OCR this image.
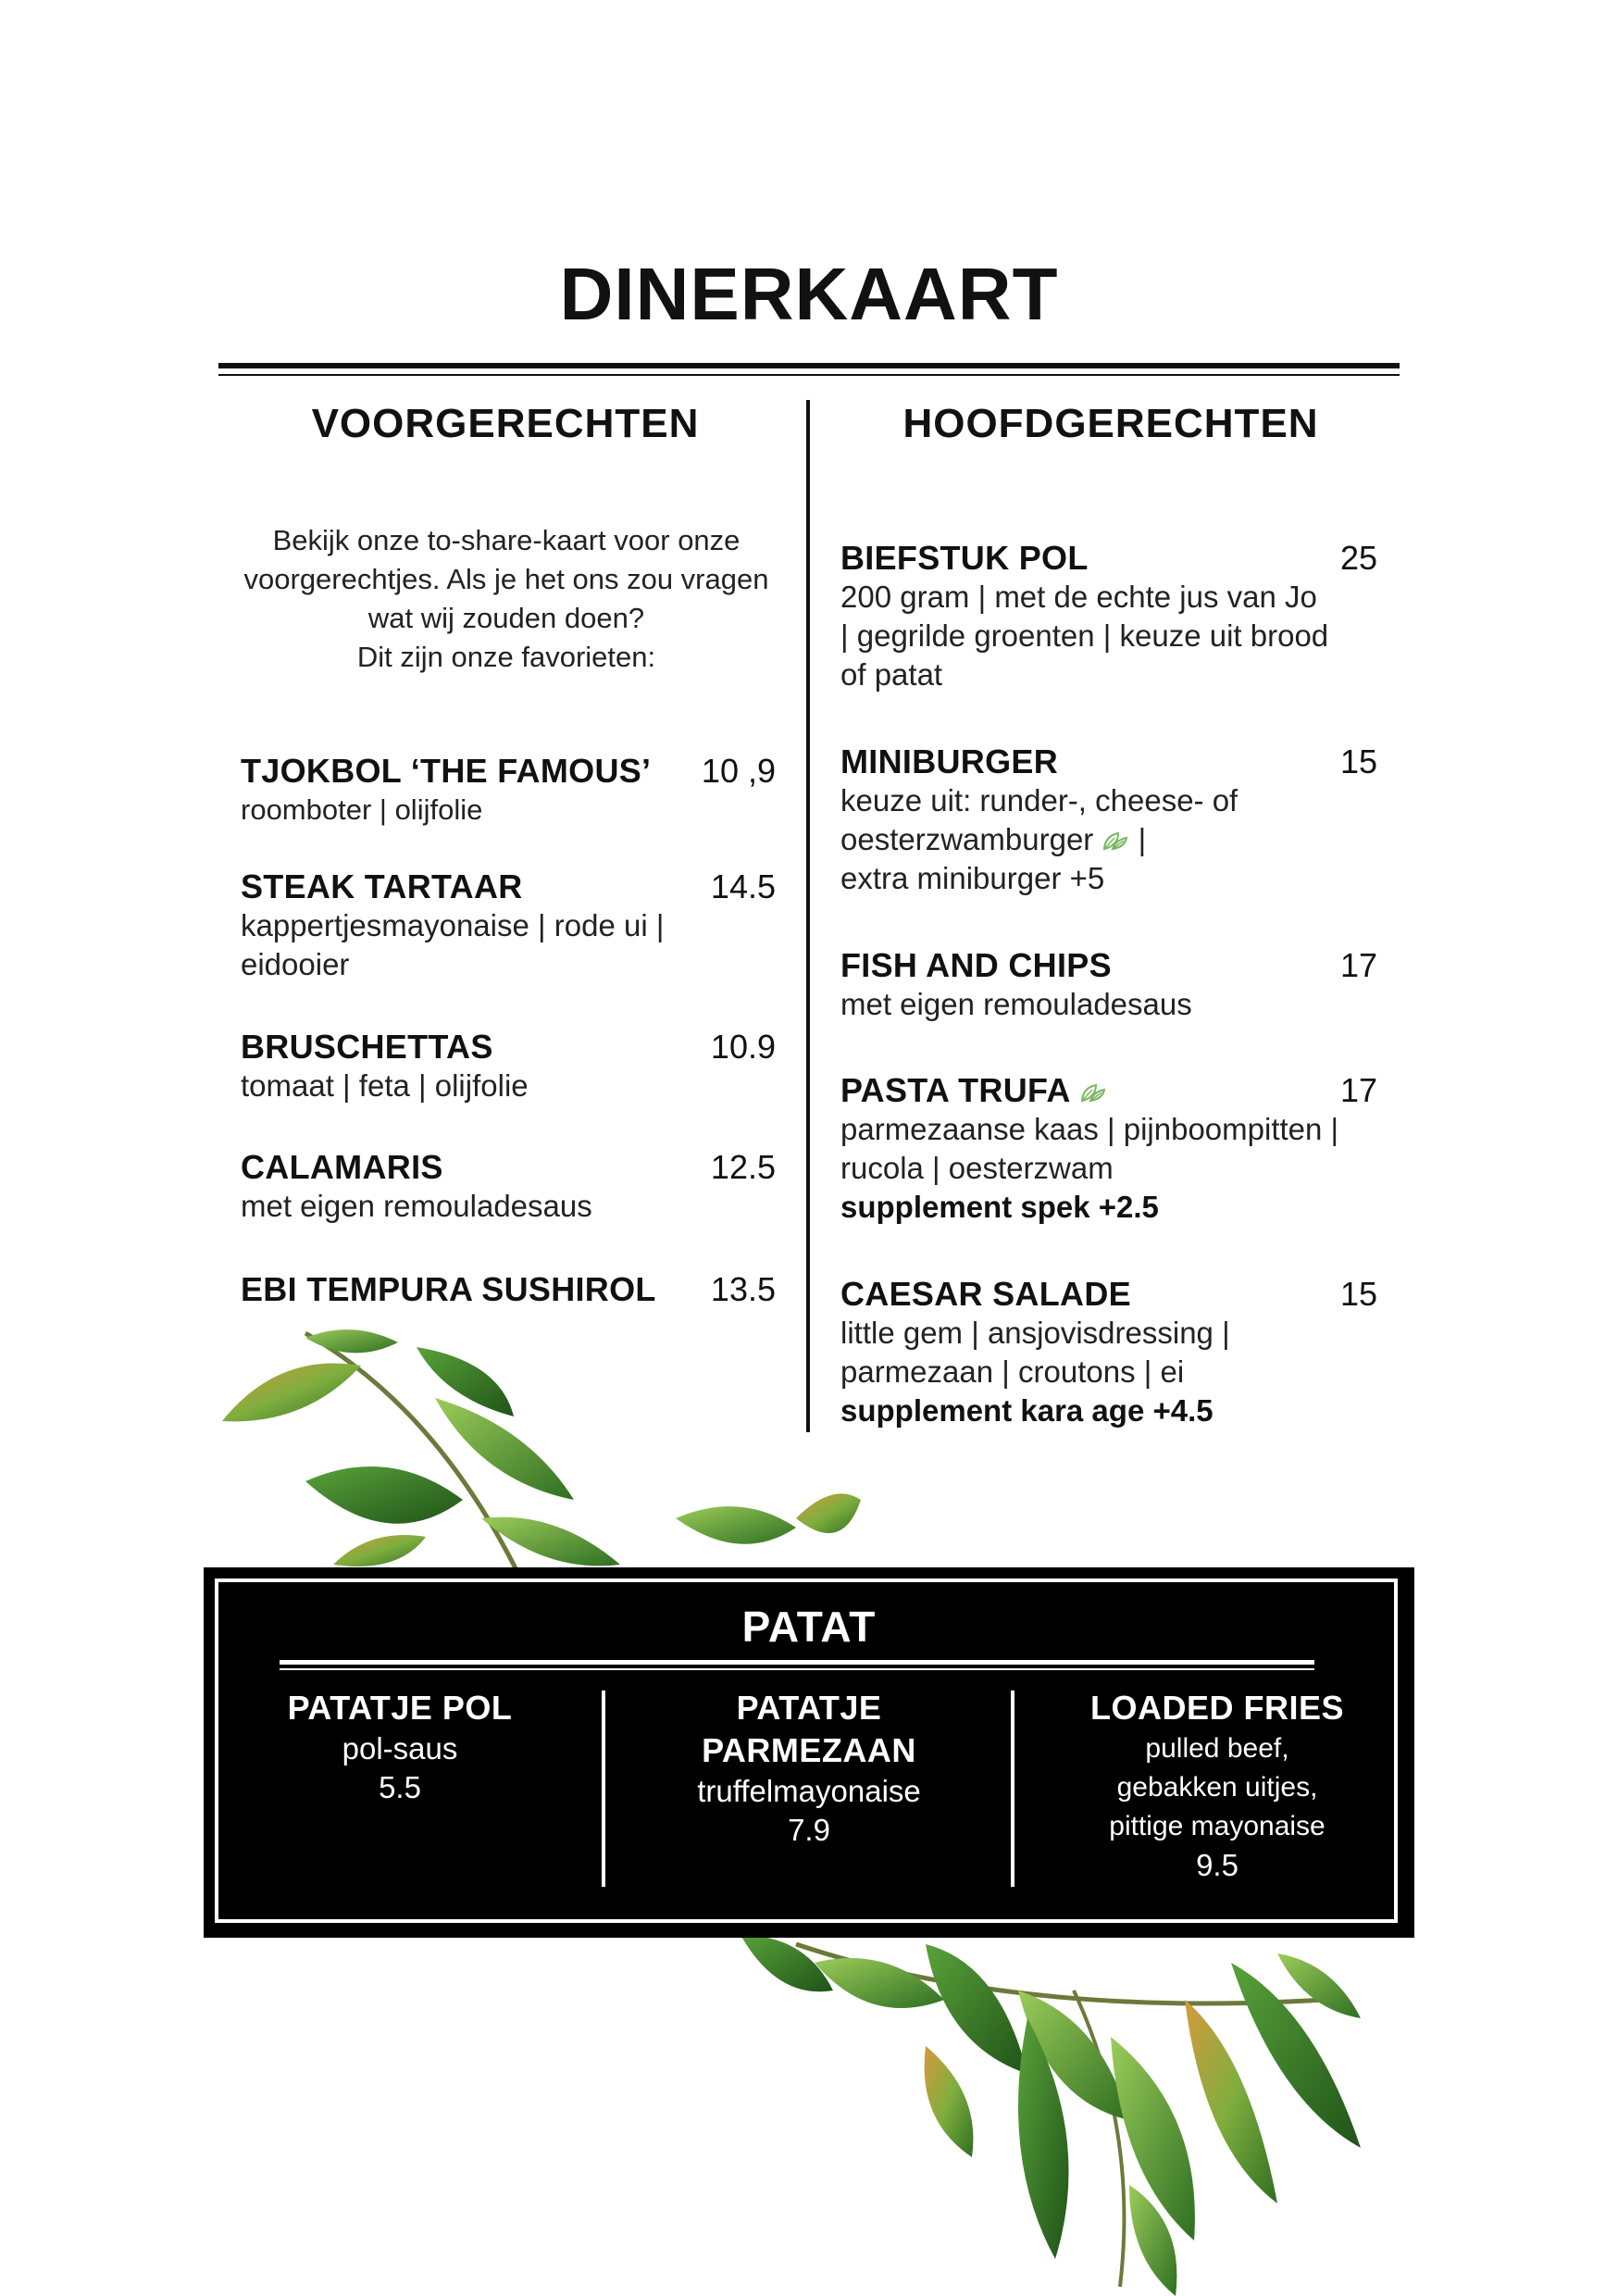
DINERKAART
VOORGERECHTEN
Bekijk onze to-share-kaart voor onze
voorgerechtjes. Als je het ons zou vragen
wat wij zouden doen?
Dit zijn onze favorieten:
TJOKBOL ‘THE FAMOUS’ 10 ,9
roomboter | olijfolie
STEAK TARTAAR	14.5
kappertjesmayonaise | rode ui |
eidooier
BRUSCHETTAS	10.9
tomaat | feta | olijfolie
CALAMARIS	12.5
met eigen remouladesaus
EBI TEMPURA SUSHIROL 13.5
HOOFDGERECHTEN
BIEFSTUK POL	25
200 gram | met de echte jus van Jo
| gegrilde groenten | keuze uit brood
of patat
MINIBURGER	15
keuze uit: runder-, cheese- of
oesterzwamburger  |
extra miniburger +5
FISH AND CHIPS	17
met eigen remouladesaus
PASTA TRUFA	17
parmezaanse kaas | pijnboompitten |
rucola | oesterzwam
supplement spek +2.5
CAESAR SALADE	15
little gem | ansjovisdressing |
parmezaan | croutons | ei
supplement kara age +4.5
PATAT
PATATJE POL
pol-saus
5.5
PATATJE
PARMEZAAN
truffelmayonaise
7.9
LOADED FRIES
pulled beef,
gebakken uitjes,
pittige mayonaise
9.5
